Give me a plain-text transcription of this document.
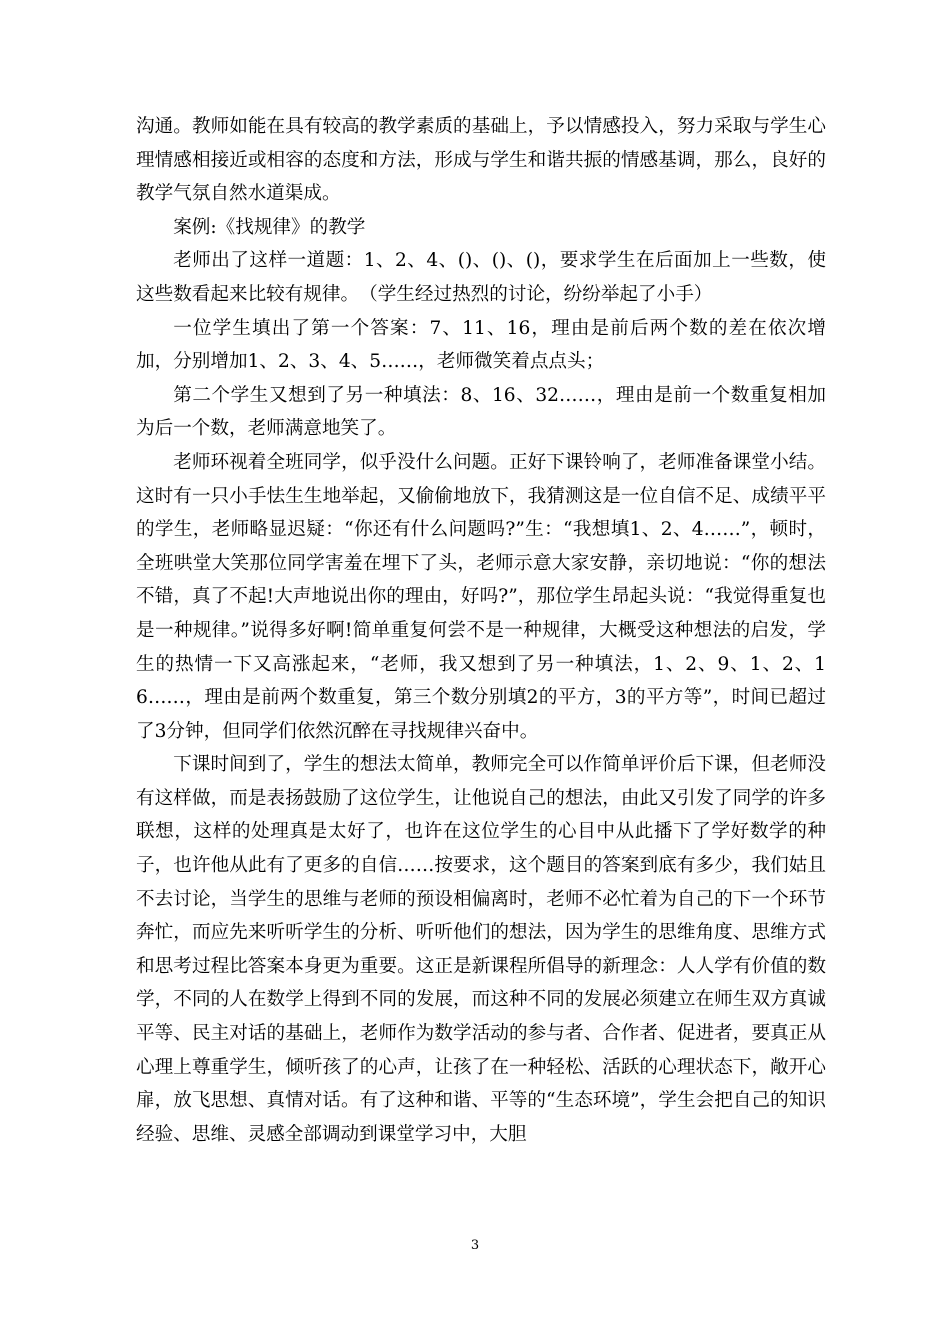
沟通。教师如能在具有较高的教学素质的基础上，予以情感投入，努力采取与学生心理情感相接近或相容的态度和方法，形成与学生和谐共振的情感基调，那么，良好的教学气氛自然水道渠成。

案例:《找规律》的教学

老师出了这样一道题：1、2、4、()、()、()，要求学生在后面加上一些数，使这些数看起来比较有规律。　（学生经过热烈的讨论，纷纷举起了小手）

一位学生填出了第一个答案：7、11、16，理由是前后两个数的差在依次增加，分别增加1、2、3、4、5……，老师微笑着点点头；

第二个学生又想到了另一种填法：8、16、32……，理由是前一个数重复相加为后一个数，老师满意地笑了。

老师环视着全班同学，似乎没什么问题。正好下课铃响了，老师准备课堂小结。这时有一只小手怯生生地举起，又偷偷地放下，我猜测这是一位自信不足、成绩平平的学生，老师略显迟疑：“你还有什么问题吗?”生：“我想填1、2、4……”，顿时，全班哄堂大笑那位同学害羞在埋下了头，老师示意大家安静，亲切地说：“你的想法不错，真了不起!大声地说出你的理由，好吗?”，那位学生昂起头说：“我觉得重复也是一种规律。”说得多好啊!简单重复何尝不是一种规律，大概受这种想法的启发，学生的热情一下又高涨起来，“老师，我又想到了另一种填法，1、2、9、1、2、16……，理由是前两个数重复，第三个数分别填2的平方，3的平方等”，时间已超过了3分钟，但同学们依然沉醉在寻找规律兴奋中。

下课时间到了，学生的想法太简单，教师完全可以作简单评价后下课，但老师没有这样做，而是表扬鼓励了这位学生，让他说自己的想法，由此又引发了同学的许多联想，这样的处理真是太好了，也许在这位学生的心目中从此播下了学好数学的种子，也许他从此有了更多的自信……按要求，这个题目的答案到底有多少，我们姑且不去讨论，当学生的思维与老师的预设相偏离时，老师不必忙着为自己的下一个环节奔忙，而应先来听听学生的分析、听听他们的想法，因为学生的思维角度、思维方式和思考过程比答案本身更为重要。这正是新课程所倡导的新理念：人人学有价值的数学，不同的人在数学上得到不同的发展，而这种不同的发展必须建立在师生双方真诚平等、民主对话的基础上，老师作为数学活动的参与者、合作者、促进者，要真正从心理上尊重学生，倾听孩了的心声，让孩了在一种轻松、活跃的心理状态下，敞开心扉，放飞思想、真情对话。有了这种和谐、平等的“生态环境”，学生会把自己的知识经验、思维、灵感全部调动到课堂学习中，大胆

3
